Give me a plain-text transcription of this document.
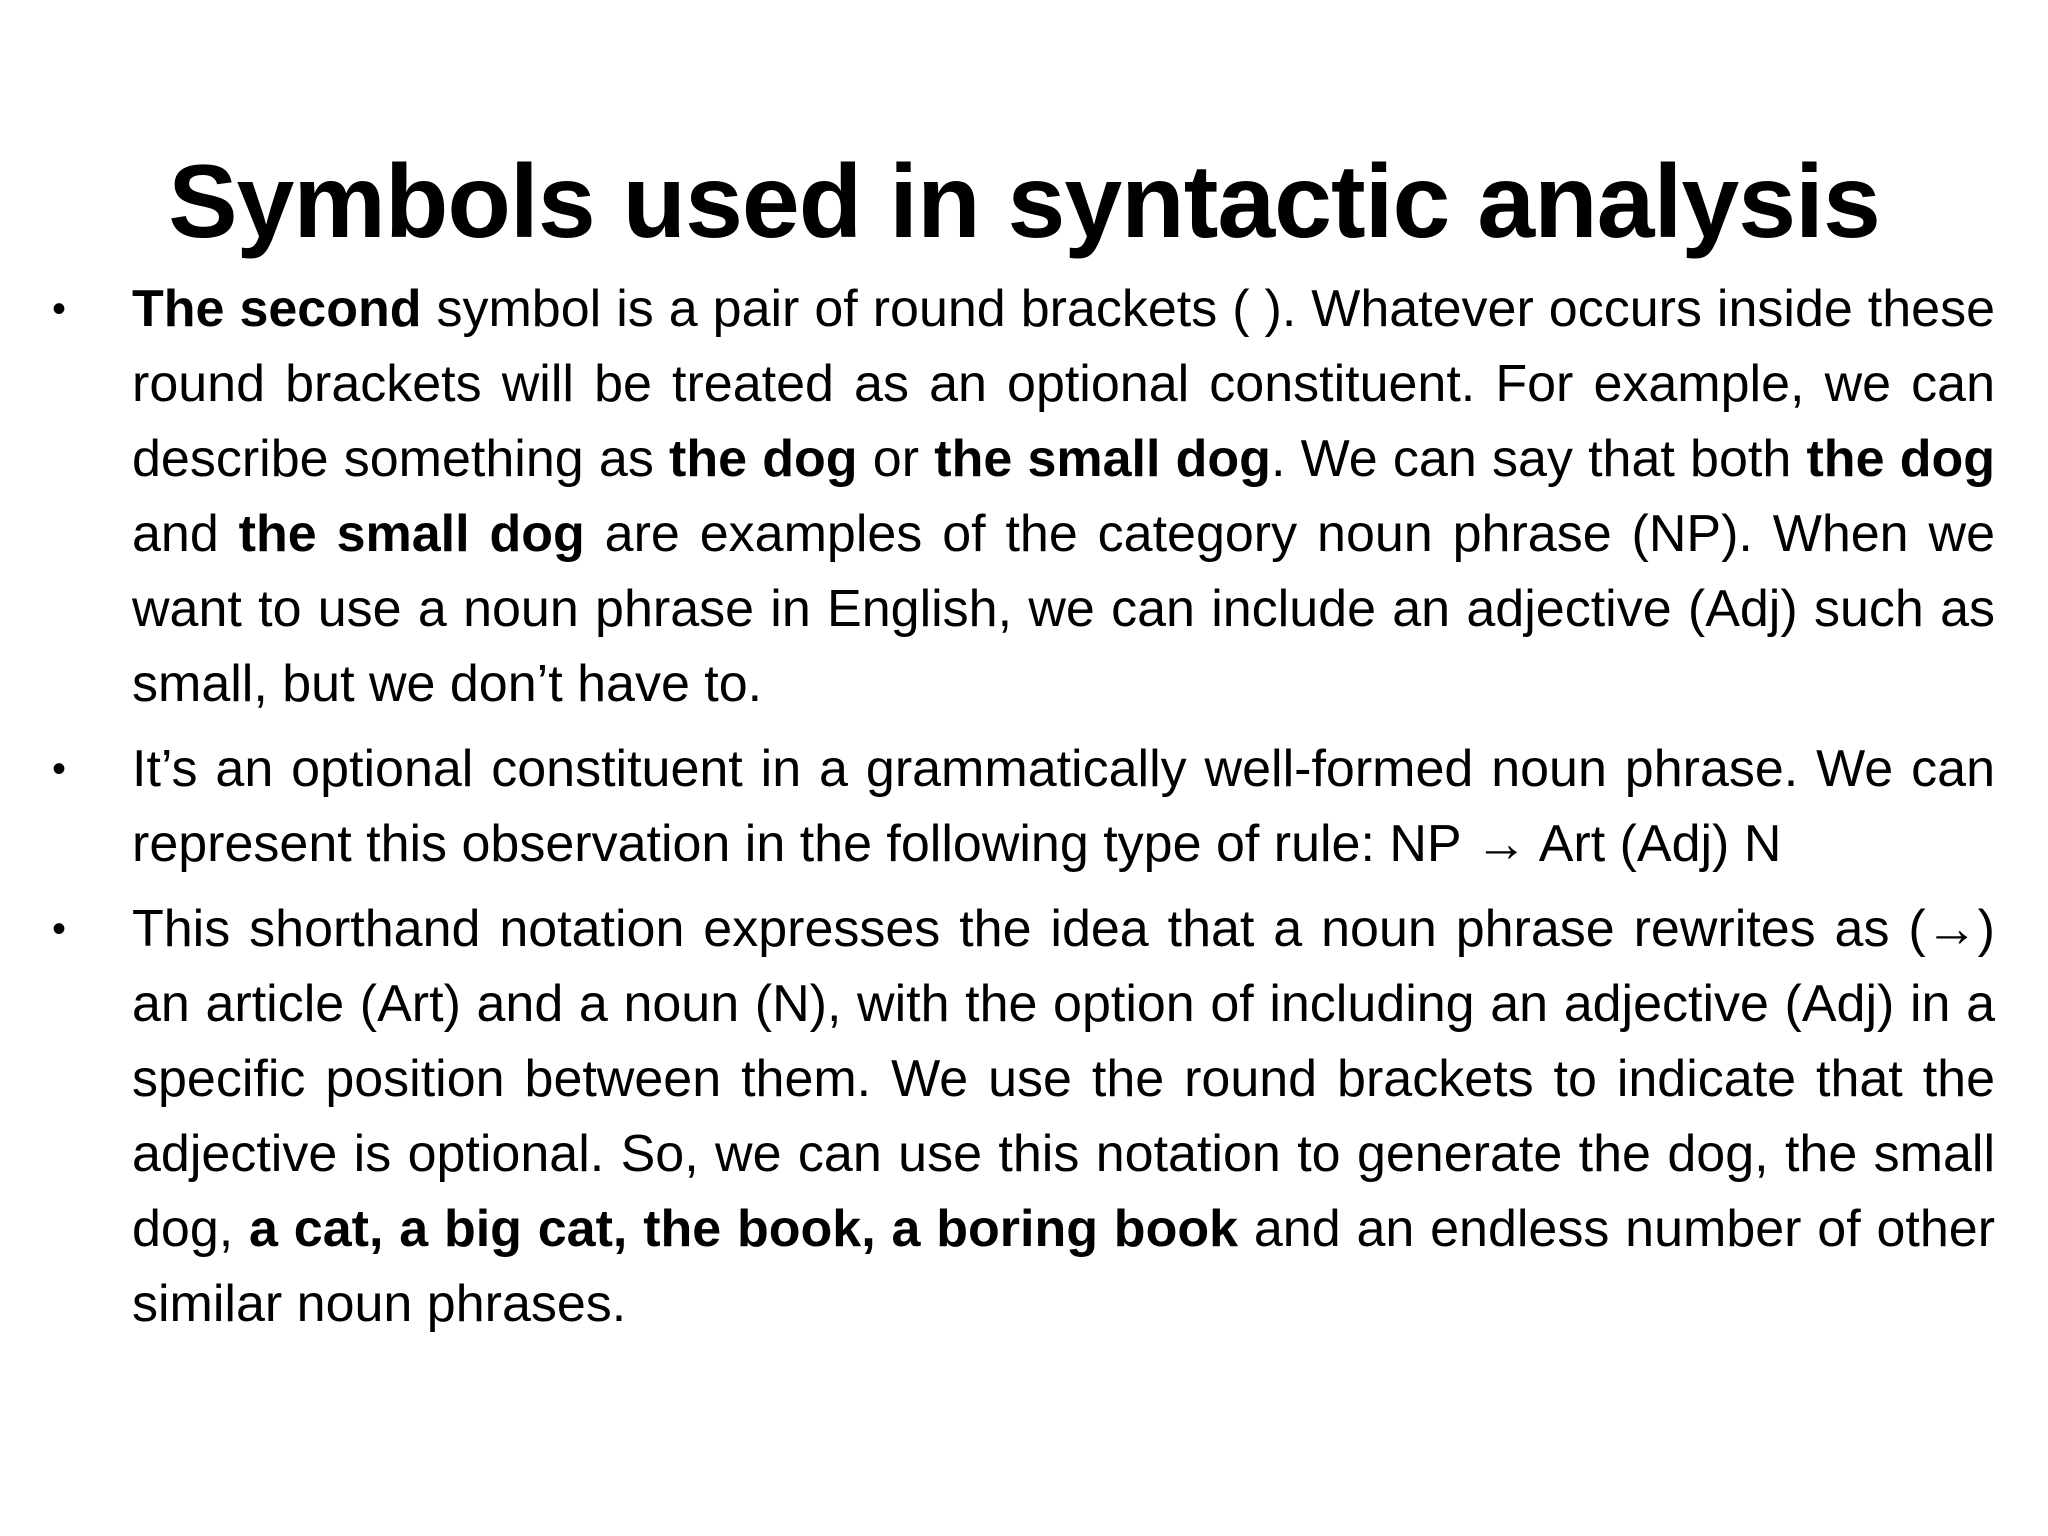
Symbols used in syntactic analysis
•	The second symbol is a pair of round brackets ( ). Whatever occurs inside these round brackets will be treated as an optional constituent. For example, we can describe something as the dog or the small dog. We can say that both the dog and the small dog are examples of the category noun phrase (NP). When we want to use a noun phrase in English, we can include an adjective (Adj) such as small, but we don’t have to.
•	It’s an optional constituent in a grammatically well-formed noun phrase. We can represent this observation in the following type of rule: NP → Art (Adj) N
•	This shorthand notation expresses the idea that a noun phrase rewrites as (→) an article (Art) and a noun (N), with the option of including an adjective (Adj) in a specific position between them. We use the round brackets to indicate that the adjective is optional. So, we can use this notation to generate the dog, the small dog, a cat, a big cat, the book, a boring book and an endless number of other similar noun phrases.
